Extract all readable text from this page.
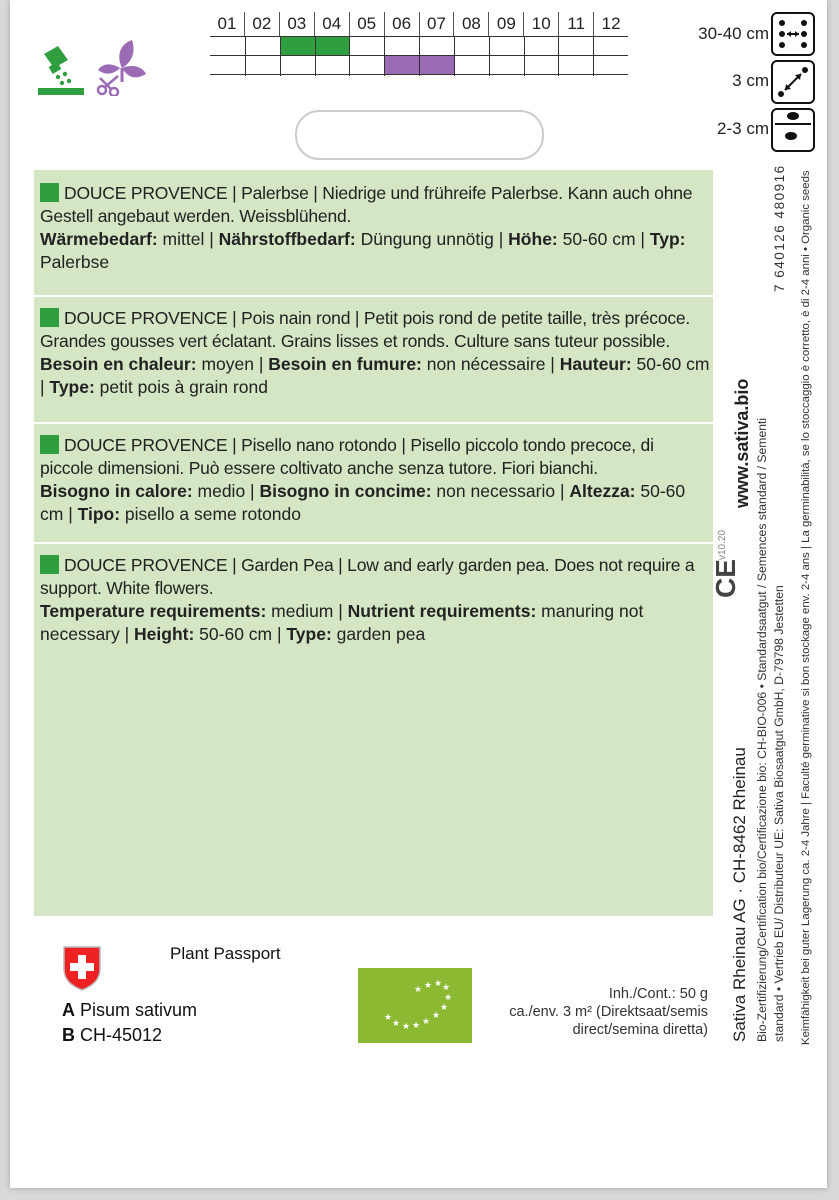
01 02 03 04 05 06 07 08 09 10 11 12
30-40 cm
3 cm
2-3 cm
DOUCE PROVENCE | Palerbse | Niedrige und frühreife Palerbse. Kann auch ohne Gestell angebaut werden. Weissblühend.
Wärmebedarf: mittel | Nährstoffbedarf: Düngung unnötig | Höhe: 50-60 cm | Typ: Palerbse
DOUCE PROVENCE | Pois nain rond | Petit pois rond de petite taille, très précoce. Grandes gousses vert éclatant. Grains lisses et ronds. Culture sans tuteur possible.
Besoin en chaleur: moyen | Besoin en fumure: non nécessaire | Hauteur: 50-60 cm | Type: petit pois à grain rond
DOUCE PROVENCE | Pisello nano rotondo | Pisello piccolo tondo precoce, di piccole dimensioni. Può essere coltivato anche senza tutore. Fiori bianchi.
Bisogno in calore: medio | Bisogno in concime: non necessario | Altezza: 50-60 cm | Tipo: pisello a seme rotondo
DOUCE PROVENCE | Garden Pea | Low and early garden pea. Does not require a support. White flowers.
Temperature requirements: medium | Nutrient requirements: manuring not necessary | Height: 50-60 cm | Type: garden pea
7 640126 480916
www.sativa.bio
v10.20
CE
Sativa Rheinau AG · CH-8462 Rheinau Bio-Zertifizierung/Certification bio/Certificazione bio: CH-BIO-006 • Standardsaatgut / Semences standard / Sementi standard • Vertrieb EU/ Distributeur UE: Sativa Biosaatgut GmbH, D-79798 Jestetten Keimfähigkeit bei guter Lagerung ca. 2-4 Jahre | Faculté germinative si bon stockage env. 2-4 ans | La germinabilità, se lo stoccaggio è corretto, è di 2-4 anni • Organic seeds
Plant Passport
A Pisum sativum
B CH-45012
★
★ ★ ★ ★
★
★
★
★
★
★
★	Inh./Cont.: 50 g
ca./env. 3 m² (Direktsaat/semis
direct/semina diretta)
